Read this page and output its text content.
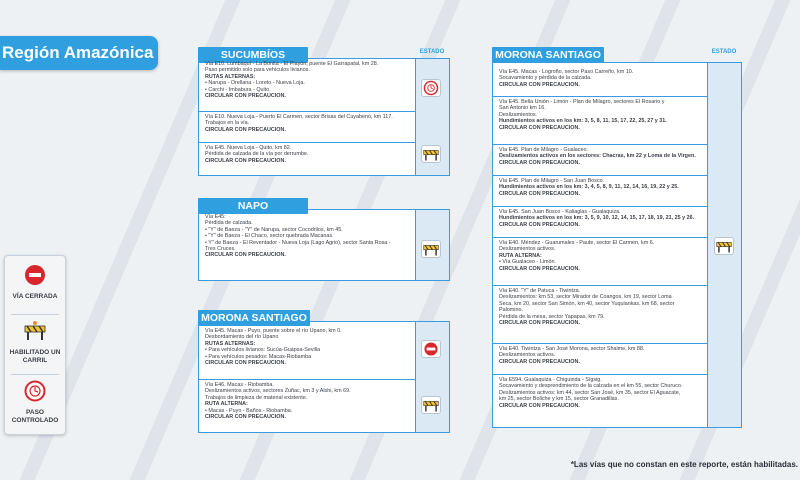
Región Amazónica
VÍA CERRADA
HABILITADO UN CARRIL
PASO CONTROLADO
SUCUMBÍOS	ESTADO
Vía E10. Lumbaquí - La Bonita - El Playón, puente El Garrapatal, km 28.
Paso permitido solo para vehículos livianos.
RUTAS ALTERNAS:
• Narupa - Orellana - Loreto - Nueva Loja.
• Carchi - Imbabura - Quito.
CIRCULAR CON PRECAUCIÓN.
Vía E10. Nueva Loja - Puerto El Carmen, sector Brisas del Cuyabeno, km 117.
Trabajos en la vía.
CIRCULAR CON PRECAUCIÓN.
Vía E45. Nueva Loja - Quito, km 82.
Pérdida de calzada de la vía por derrumbe.
CIRCULAR CON PRECAUCIÓN.
NAPO
Vía E45:
Pérdida de calzada.
• "Y" de Baeza - "Y" de Narupa, sector Cocodrilos, km 45.
• "Y" de Baeza - El Chaco, sector quebrada Macanas.
• Y" de Baeza - El Reventador - Nueva Loja (Lago Agrio), sector Santa Rosa -
Tres Cruces.
CIRCULAR CON PRECAUCIÓN.
MORONA SANTIAGO
Vía E45. Macas - Puyo, puente sobre el río Upano, km 0.
Desbordamiento del río Upano
RUTAS ALTERNAS:
• Para vehículos livianos: Sucúa-Guápsa-Sevilla
• Para vehículos pesados: Macas-Riobamba
CIRCULAR CON PRECAUCIÓN.
Vía E46. Macas - Riobamba.
Deslizamientos activos, sectores Zuñac, km 3 y Alshi, km 69.
Trabajos de limpieza de material existente.
RUTA ALTERNA:
• Macas - Puyo - Baños - Riobamba.
CIRCULAR CON PRECAUCIÓN.
MORONA SANTIAGO	ESTADO
Vía E45. Macas - Logroño, sector Paso Carreño, km 10.
Socavamiento y pérdida de la calzada.
CIRCULAR CON PRECAUCIÓN.
Vía E45. Bella Unión - Limón - Plan de Milagro, sectores El Rosario y
San Antonio km 16.
Deslizamientos.
Hundimientos activos en los km: 3, 5, 8, 11, 15, 17, 22, 25, 27 y 31.
CIRCULAR CON PRECAUCIÓN.
Vía E45. Plan de Milagro - Gualaceo.
Deslizamientos activos en los sectores: Chacras, km 22 y Loma de la Virgen.
CIRCULAR CON PRECAUCIÓN.
Vía E45. Plan de Milagro - San Juan Bosco.
Hundimientos activos en los km: 3, 4, 5, 8, 9, 11, 12, 14, 16, 19, 22 y 25.
CIRCULAR CON PRECAUCIÓN.
Vía E45. San Juan Bosco - Kaliaglas - Gualaquiza.
Hundimientos activos en los km: 3, 5, 9, 10, 12, 14, 15, 17, 18, 19, 21, 25 y 26.
CIRCULAR CON PRECAUCIÓN.
Vía E40. Méndez - Guarumales - Paute, sector El Carmen, km 6.
Deslizamientos activos.
RUTA ALTERNA:
• Vía Gualaceo - Limón.
CIRCULAR CON PRECAUCIÓN.
Vía E40. "Y" de Patuca - Tiwintza.
Deslizamientos: km 53, sector Mirador de Coangos, km 19, sector Loma
Seca, km 20, sector San Simón, km 40, sector Yuquiankas, km 68, sector
Palomino.
Pérdida de la mesa, sector Yapapas, km 79.
CIRCULAR CON PRECAUCIÓN.
Vía E40. Tiwintza - San José Morona, sector Shaime, km 88.
Deslizamientos activos.
CIRCULAR CON PRECAUCIÓN.
Vía E594. Gualaquiza - Chiguinda - Sígsig.
Socavamiento y desprendimiento de la calzada en el km 55, sector Churuco.
Deslizamientos activos: km 44, sector San José, km 35, sector El Aguacate,
km 25, sector Boliche y km 15, sector Granadillas.
CIRCULAR CON PRECAUCIÓN.
*Las vías que no constan en este reporte, están habilitadas.
